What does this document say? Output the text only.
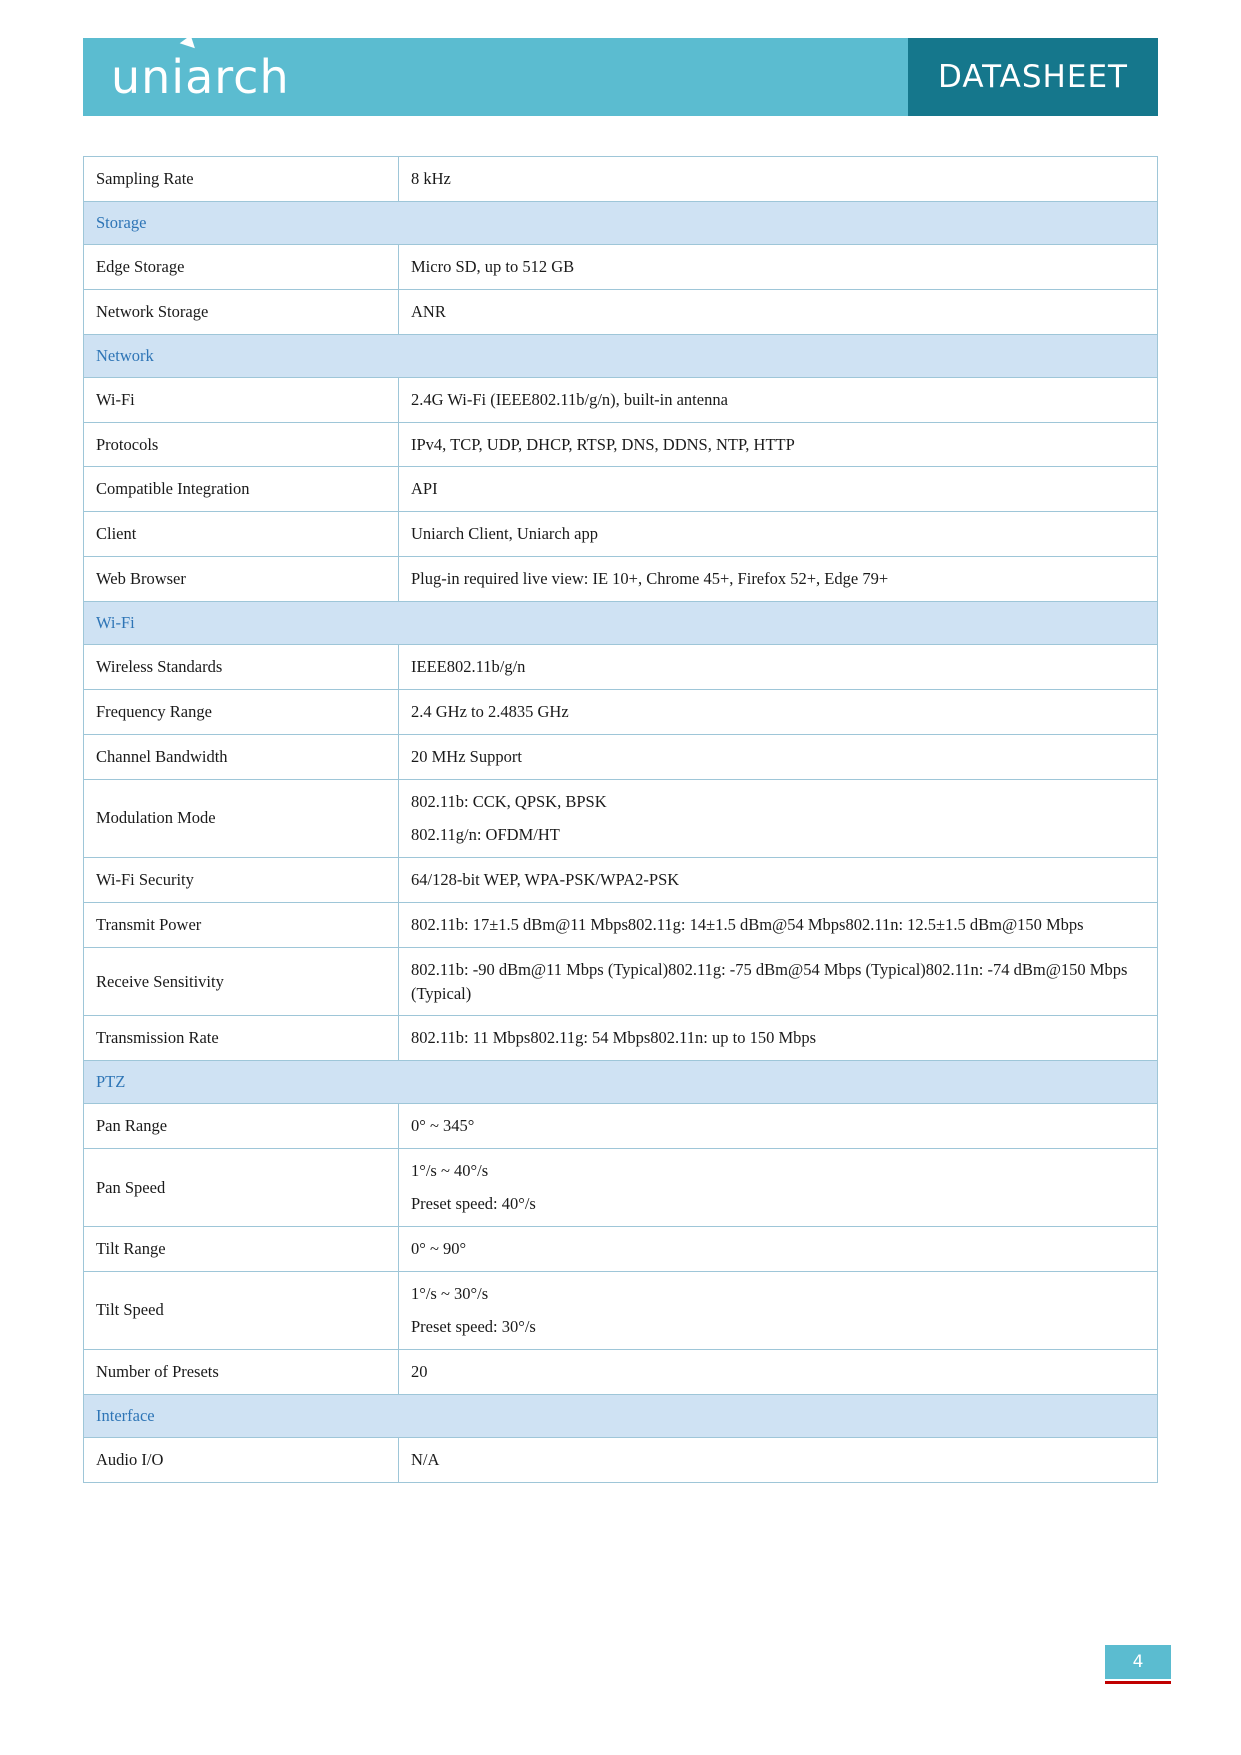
uniarch	DATASHEET
Sampling Rate	8 kHz
Storage	
Edge Storage	Micro SD, up to 512 GB
Network Storage	ANR
Network	
Wi-Fi	2.4G Wi-Fi (IEEE802.11b/g/n), built-in antenna
Protocols	IPv4, TCP, UDP, DHCP, RTSP, DNS, DDNS, NTP, HTTP
Compatible Integration	API
Client	Uniarch Client, Uniarch app
Web Browser	Plug-in required live view: IE 10+, Chrome 45+, Firefox 52+, Edge 79+
Wi-Fi	
Wireless Standards	IEEE802.11b/g/n
Frequency Range	2.4 GHz to 2.4835 GHz
Channel Bandwidth	20 MHz Support
Modulation Mode	802.11b: CCK, QPSK, BPSK

802.11g/n: OFDM/HT

Wi-Fi Security	64/128-bit WEP, WPA-PSK/WPA2-PSK
Transmit Power	802.11b: 17±1.5 dBm@11 Mbps802.11g: 14±1.5 dBm@54 Mbps802.11n: 12.5±1.5 dBm@150 Mbps
Receive Sensitivity	802.11b: -90 dBm@11 Mbps (Typical)802.11g: -75 dBm@54 Mbps (Typical)802.11n: -74 dBm@150 Mbps (Typical)
Transmission Rate	802.11b: 11 Mbps802.11g: 54 Mbps802.11n: up to 150 Mbps
PTZ	
Pan Range	0° ~ 345°
Pan Speed	1°/s ~ 40°/s

Preset speed: 40°/s

Tilt Range	0° ~ 90°
Tilt Speed	1°/s ~ 30°/s

Preset speed: 30°/s

Number of Presets	20
Interface	
Audio I/O	N/A
4
